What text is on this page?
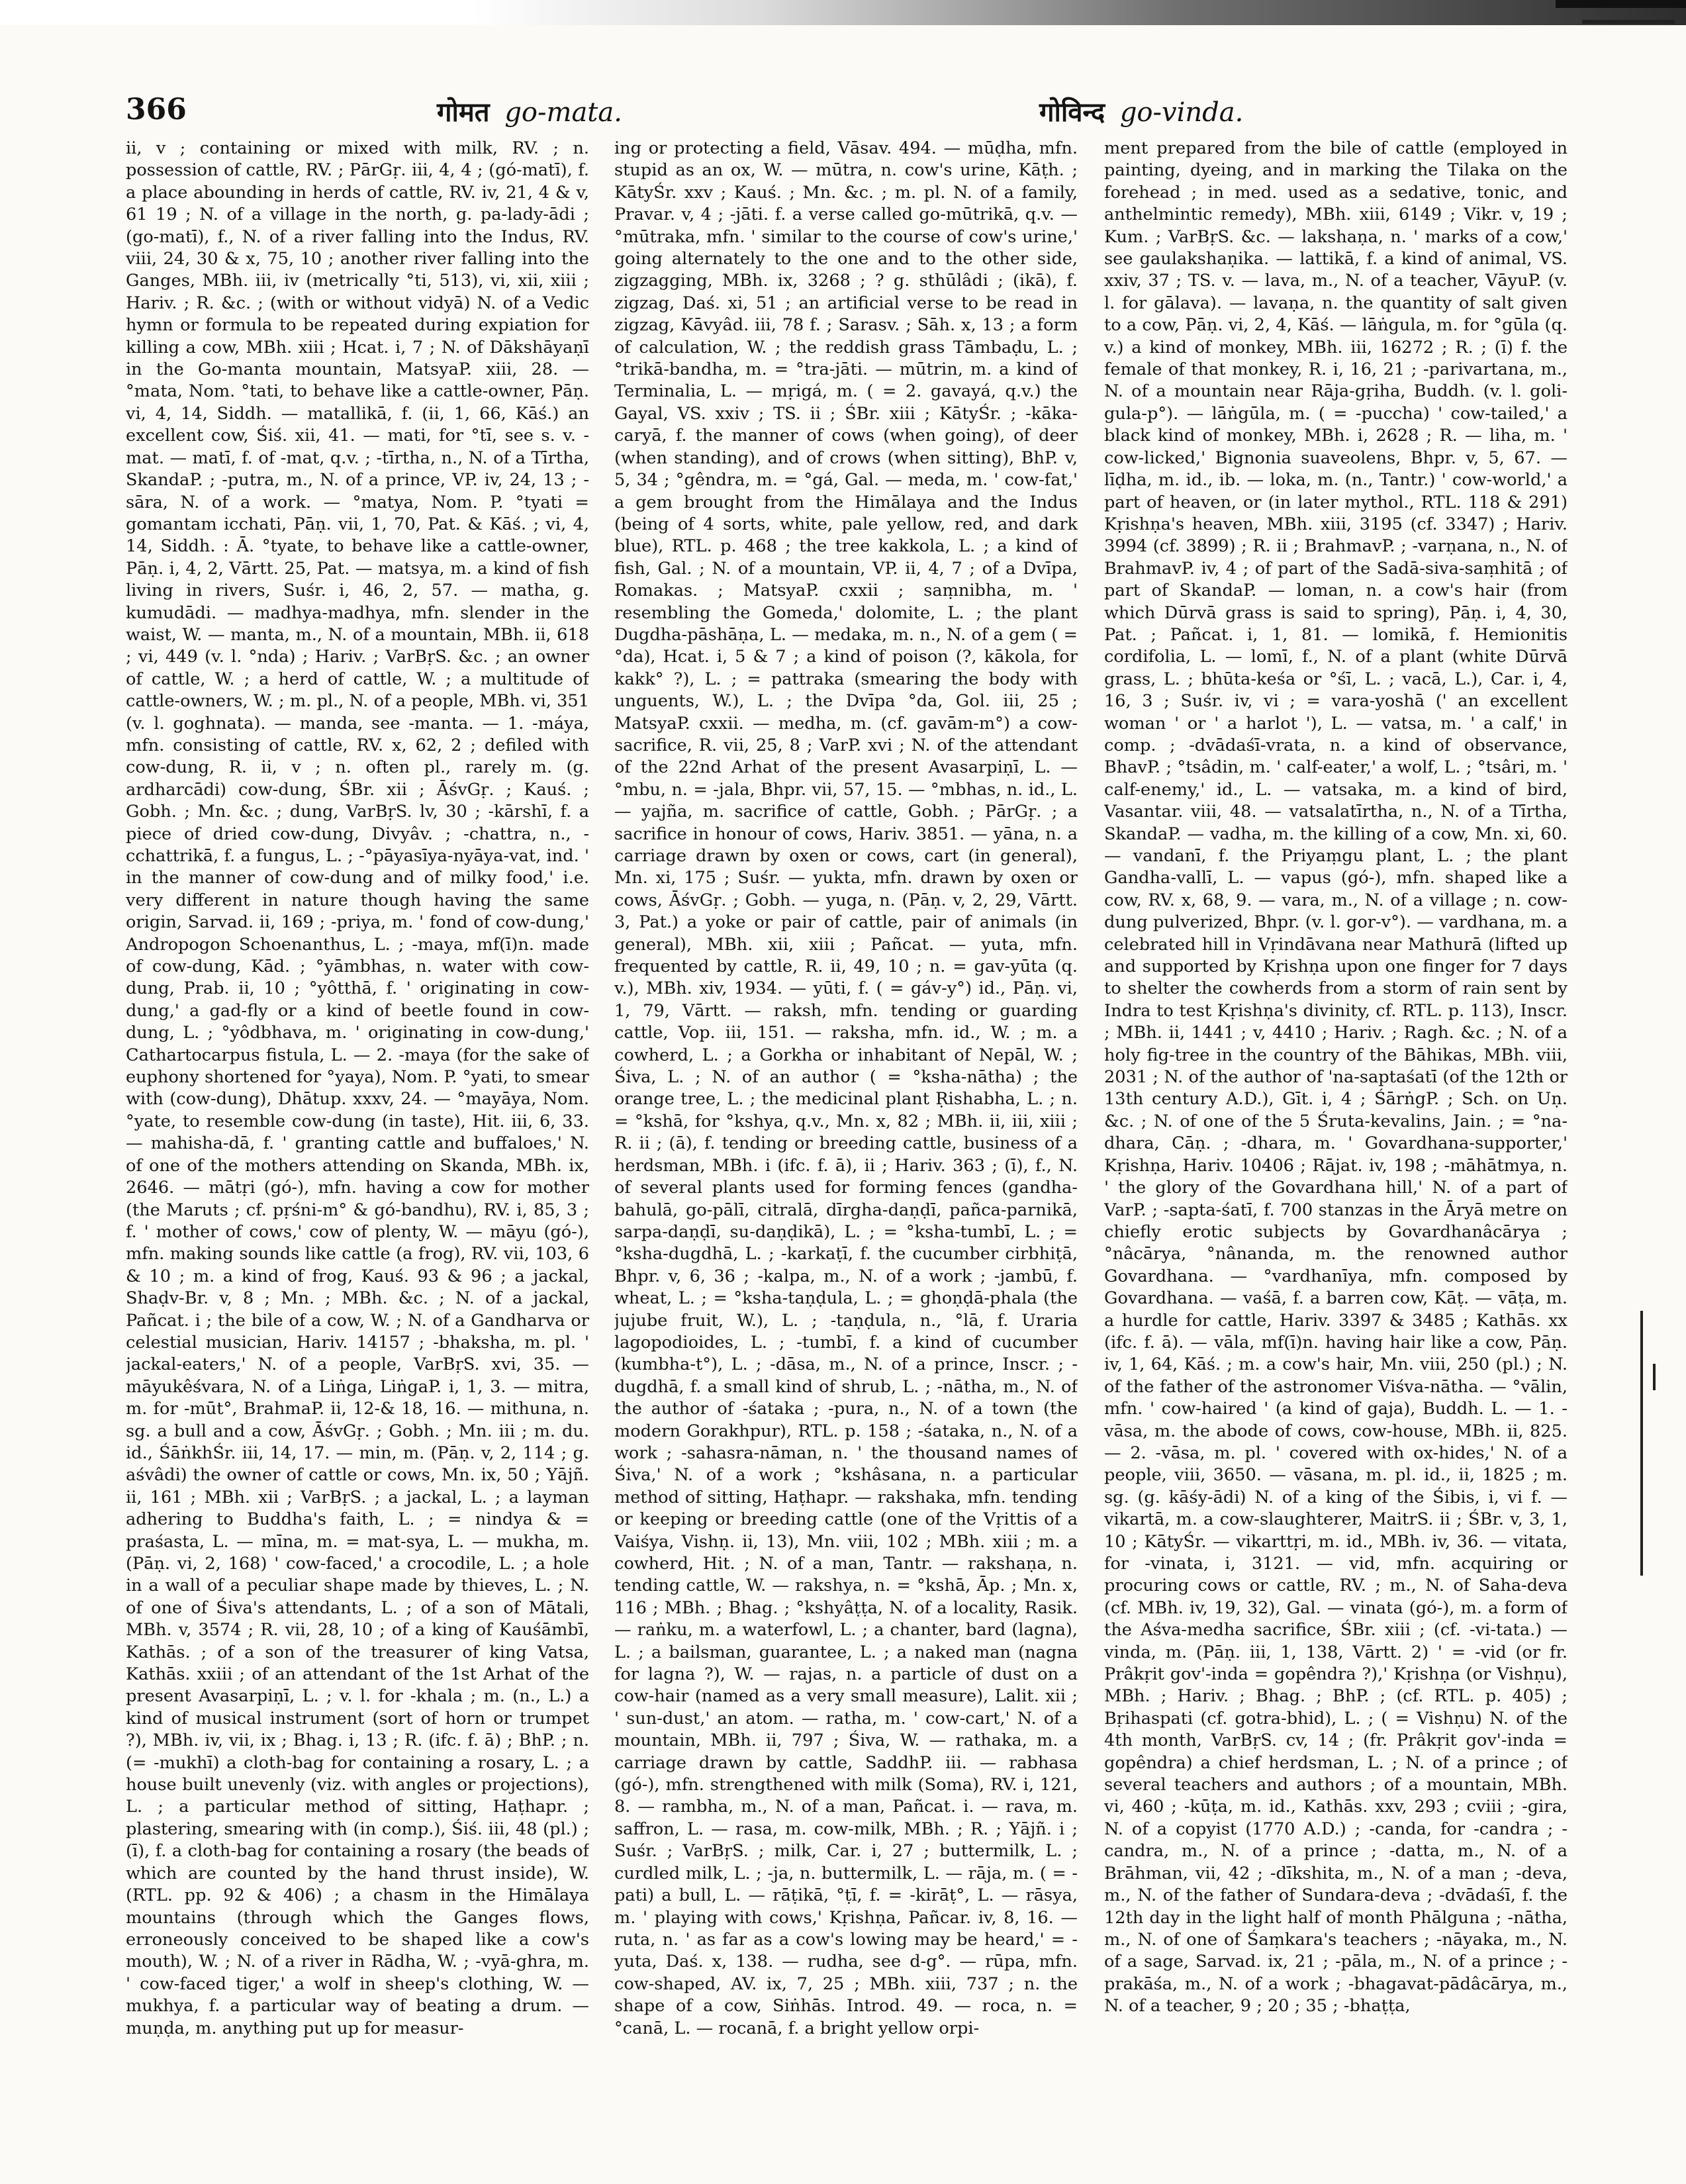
366	गोमत go-mata.	गोविन्द go-vinda.
ii, v ; containing or mixed with milk, RV. ; n. possession of cattle, RV. ; PārGṛ. iii, 4, 4 ; (gó-matī), f. a place abounding in herds of cattle, RV. iv, 21, 4 & v, 61 19 ; N. of a village in the north, g. pa-lady-ādi ; (go-matī), f., N. of a river falling into the Indus, RV. viii, 24, 30 & x, 75, 10 ; another river falling into the Ganges, MBh. iii, iv (metrically °ti, 513), vi, xii, xiii ; Hariv. ; R. &c. ; (with or without vidyā) N. of a Vedic hymn or formula to be repeated during expiation for killing a cow, MBh. xiii ; Hcat. i, 7 ; N. of Dākshāyaṇī in the Go-manta mountain, MatsyaP. xiii, 28. — °mata, Nom. °tati, to behave like a cattle-owner, Pāṇ. vi, 4, 14, Siddh. — matallikā, f. (ii, 1, 66, Kāś.) an excellent cow, Śiś. xii, 41. — mati, for °tī, see s. v. -mat. — matī, f. of -mat, q.v. ; -tīrtha, n., N. of a Tīrtha, SkandaP. ; -putra, m., N. of a prince, VP. iv, 24, 13 ; -sāra, N. of a work. — °matya, Nom. P. °tyati = gomantam icchati, Pāṇ. vii, 1, 70, Pat. & Kāś. ; vi, 4, 14, Siddh. : Ā. °tyate, to behave like a cattle-owner, Pāṇ. i, 4, 2, Vārtt. 25, Pat. — matsya, m. a kind of fish living in rivers, Suśr. i, 46, 2, 57. — matha, g. kumudādi. — madhya-madhya, mfn. slender in the waist, W. — manta, m., N. of a mountain, MBh. ii, 618 ; vi, 449 (v. l. °nda) ; Hariv. ; VarBṛS. &c. ; an owner of cattle, W. ; a herd of cattle, W. ; a multitude of cattle-owners, W. ; m. pl., N. of a people, MBh. vi, 351 (v. l. goghnata). — manda, see -manta. — 1. -máya, mfn. consisting of cattle, RV. x, 62, 2 ; defiled with cow-dung, R. ii, v ; n. often pl., rarely m. (g. ardharcādi) cow-dung, ŚBr. xii ; ĀśvGṛ. ; Kauś. ; Gobh. ; Mn. &c. ; dung, VarBṛS. lv, 30 ; -kārshī, f. a piece of dried cow-dung, Divyâv. ; -chattra, n., -cchattrikā, f. a fungus, L. ; -°pāyasīya-nyāya-vat, ind. ' in the manner of cow-dung and of milky food,' i.e. very different in nature though having the same origin, Sarvad. ii, 169 ; -priya, m. ' fond of cow-dung,' Andropogon Schoenanthus, L. ; -maya, mf(ī)n. made of cow-dung, Kād. ; °yāmbhas, n. water with cow-dung, Prab. ii, 10 ; °yôtthā, f. ' originating in cow-dung,' a gad-fly or a kind of beetle found in cow-dung, L. ; °yôdbhava, m. ' originating in cow-dung,' Cathartocarpus fistula, L. — 2. -maya (for the sake of euphony shortened for °yaya), Nom. P. °yati, to smear with (cow-dung), Dhātup. xxxv, 24. — °mayāya, Nom. °yate, to resemble cow-dung (in taste), Hit. iii, 6, 33. — mahisha-dā, f. ' granting cattle and buffaloes,' N. of one of the mothers attending on Skanda, MBh. ix, 2646. — mātṛi (gó-), mfn. having a cow for mother (the Maruts ; cf. pṛśni-m° & gó-bandhu), RV. i, 85, 3 ; f. ' mother of cows,' cow of plenty, W. — māyu (gó-), mfn. making sounds like cattle (a frog), RV. vii, 103, 6 & 10 ; m. a kind of frog, Kauś. 93 & 96 ; a jackal, Shaḍv-Br. v, 8 ; Mn. ; MBh. &c. ; N. of a jackal, Pañcat. i ; the bile of a cow, W. ; N. of a Gandharva or celestial musician, Hariv. 14157 ; -bhaksha, m. pl. ' jackal-eaters,' N. of a people, VarBṛS. xvi, 35. — māyukêśvara, N. of a Liṅga, LiṅgaP. i, 1, 3. — mitra, m. for -mūt°, BrahmaP. ii, 12-& 18, 16. — mithuna, n. sg. a bull and a cow, ĀśvGṛ. ; Gobh. ; Mn. iii ; m. du. id., ŚāṅkhŚr. iii, 14, 17. — min, m. (Pāṇ. v, 2, 114 ; g. aśvâdi) the owner of cattle or cows, Mn. ix, 50 ; Yājñ. ii, 161 ; MBh. xii ; VarBṛS. ; a jackal, L. ; a layman adhering to Buddha's faith, L. ; = nindya & = praśasta, L. — mīna, m. = mat-sya, L. — mukha, m. (Pāṇ. vi, 2, 168) ' cow-faced,' a crocodile, L. ; a hole in a wall of a peculiar shape made by thieves, L. ; N. of one of Śiva's attendants, L. ; of a son of Mātali, MBh. v, 3574 ; R. vii, 28, 10 ; of a king of Kauśāmbī, Kathās. ; of a son of the treasurer of king Vatsa, Kathās. xxiii ; of an attendant of the 1st Arhat of the present Avasarpiṇī, L. ; v. l. for -khala ; m. (n., L.) a kind of musical instrument (sort of horn or trumpet ?), MBh. iv, vii, ix ; Bhag. i, 13 ; R. (ifc. f. ā) ; BhP. ; n. (= -mukhī) a cloth-bag for containing a rosary, L. ; a house built unevenly (viz. with angles or projections), L. ; a particular method of sitting, Haṭhapr. ; plastering, smearing with (in comp.), Śiś. iii, 48 (pl.) ; (ī), f. a cloth-bag for containing a rosary (the beads of which are counted by the hand thrust inside), W. (RTL. pp. 92 & 406) ; a chasm in the Himālaya mountains (through which the Ganges flows, erroneously conceived to be shaped like a cow's mouth), W. ; N. of a river in Rādha, W. ; -vyā-ghra, m. ' cow-faced tiger,' a wolf in sheep's clothing, W. — mukhya, f. a particular way of beating a drum. — muṇḍa, m. anything put up for measur-
ing or protecting a field, Vāsav. 494. — mūḍha, mfn. stupid as an ox, W. — mūtra, n. cow's urine, Kāṭh. ; KātyŚr. xxv ; Kauś. ; Mn. &c. ; m. pl. N. of a family, Pravar. v, 4 ; -jāti. f. a verse called go-mūtrikā, q.v. — °mūtraka, mfn. ' similar to the course of cow's urine,' going alternately to the one and to the other side, zigzagging, MBh. ix, 3268 ; ? g. sthūlâdi ; (ikā), f. zigzag, Daś. xi, 51 ; an artificial verse to be read in zigzag, Kāvyâd. iii, 78 f. ; Sarasv. ; Sāh. x, 13 ; a form of calculation, W. ; the reddish grass Tāmbaḍu, L. ; °trikā-bandha, m. = °tra-jāti. — mūtrin, m. a kind of Terminalia, L. — mṛigá, m. ( = 2. gavayá, q.v.) the Gayal, VS. xxiv ; TS. ii ; ŚBr. xiii ; KātyŚr. ; -kāka-caryā, f. the manner of cows (when going), of deer (when standing), and of crows (when sitting), BhP. v, 5, 34 ; °gêndra, m. = °gá, Gal. — meda, m. ' cow-fat,' a gem brought from the Himālaya and the Indus (being of 4 sorts, white, pale yellow, red, and dark blue), RTL. p. 468 ; the tree kakkola, L. ; a kind of fish, Gal. ; N. of a mountain, VP. ii, 4, 7 ; of a Dvīpa, Romakas. ; MatsyaP. cxxii ; saṃnibha, m. ' resembling the Gomeda,' dolomite, L. ; the plant Dugdha-pāshāṇa, L. — medaka, m. n., N. of a gem ( = °da), Hcat. i, 5 & 7 ; a kind of poison (?, kākola, for kakk° ?), L. ; = pattraka (smearing the body with unguents, W.), L. ; the Dvīpa °da, Gol. iii, 25 ; MatsyaP. cxxii. — medha, m. (cf. gavām-m°) a cow-sacrifice, R. vii, 25, 8 ; VarP. xvi ; N. of the attendant of the 22nd Arhat of the present Avasarpiṇī, L. — °mbu, n. = -jala, Bhpr. vii, 57, 15. — °mbhas, n. id., L. — yajña, m. sacrifice of cattle, Gobh. ; PārGṛ. ; a sacrifice in honour of cows, Hariv. 3851. — yāna, n. a carriage drawn by oxen or cows, cart (in general), Mn. xi, 175 ; Suśr. — yukta, mfn. drawn by oxen or cows, ĀśvGṛ. ; Gobh. — yuga, n. (Pāṇ. v, 2, 29, Vārtt. 3, Pat.) a yoke or pair of cattle, pair of animals (in general), MBh. xii, xiii ; Pañcat. — yuta, mfn. frequented by cattle, R. ii, 49, 10 ; n. = gav-yūta (q. v.), MBh. xiv, 1934. — yūti, f. ( = gáv-y°) id., Pāṇ. vi, 1, 79, Vārtt. — raksh, mfn. tending or guarding cattle, Vop. iii, 151. — raksha, mfn. id., W. ; m. a cowherd, L. ; a Gorkha or inhabitant of Nepāl, W. ; Śiva, L. ; N. of an author ( = °ksha-nātha) ; the orange tree, L. ; the medicinal plant Ṛishabha, L. ; n. = °kshā, for °kshya, q.v., Mn. x, 82 ; MBh. ii, iii, xiii ; R. ii ; (ā), f. tending or breeding cattle, business of a herdsman, MBh. i (ifc. f. ā), ii ; Hariv. 363 ; (ī), f., N. of several plants used for forming fences (gandha-bahulā, go-pālī, citralā, dīrgha-daṇḍī, pañca-parnikā, sarpa-daṇḍī, su-daṇḍikā), L. ; = °ksha-tumbī, L. ; = °ksha-dugdhā, L. ; -karkaṭī, f. the cucumber cirbhiṭā, Bhpr. v, 6, 36 ; -kalpa, m., N. of a work ; -jambū, f. wheat, L. ; = °ksha-taṇḍula, L. ; = ghoṇḍā-phala (the jujube fruit, W.), L. ; -taṇḍula, n., °lā, f. Uraria lagopodioides, L. ; -tumbī, f. a kind of cucumber (kumbha-t°), L. ; -dāsa, m., N. of a prince, Inscr. ; -dugdhā, f. a small kind of shrub, L. ; -nātha, m., N. of the author of -śataka ; -pura, n., N. of a town (the modern Gorakhpur), RTL. p. 158 ; -śataka, n., N. of a work ; -sahasra-nāman, n. ' the thousand names of Śiva,' N. of a work ; °kshâsana, n. a particular method of sitting, Haṭhapr. — rakshaka, mfn. tending or keeping or breeding cattle (one of the Vṛittis of a Vaiśya, Vishṇ. ii, 13), Mn. viii, 102 ; MBh. xiii ; m. a cowherd, Hit. ; N. of a man, Tantr. — rakshaṇa, n. tending cattle, W. — rakshya, n. = °kshā, Āp. ; Mn. x, 116 ; MBh. ; Bhag. ; °kshyâṭṭa, N. of a locality, Rasik. — raṅku, m. a waterfowl, L. ; a chanter, bard (lagna), L. ; a bailsman, guarantee, L. ; a naked man (nagna for lagna ?), W. — rajas, n. a particle of dust on a cow-hair (named as a very small measure), Lalit. xii ; ' sun-dust,' an atom. — ratha, m. ' cow-cart,' N. of a mountain, MBh. ii, 797 ; Śiva, W. — rathaka, m. a carriage drawn by cattle, SaddhP. iii. — rabhasa (gó-), mfn. strengthened with milk (Soma), RV. i, 121, 8. — rambha, m., N. of a man, Pañcat. i. — rava, m. saffron, L. — rasa, m. cow-milk, MBh. ; R. ; Yājñ. i ; Suśr. ; VarBṛS. ; milk, Car. i, 27 ; buttermilk, L. ; curdled milk, L. ; -ja, n. buttermilk, L. — rāja, m. ( = -pati) a bull, L. — rāṭikā, °ṭī, f. = -kirāṭ°, L. — rāsya, m. ' playing with cows,' Kṛishṇa, Pañcar. iv, 8, 16. — ruta, n. ' as far as a cow's lowing may be heard,' = -yuta, Daś. x, 138. — rudha, see d-g°. — rūpa, mfn. cow-shaped, AV. ix, 7, 25 ; MBh. xiii, 737 ; n. the shape of a cow, Siṅhās. Introd. 49. — roca, n. = °canā, L. — rocanā, f. a bright yellow orpi-
ment prepared from the bile of cattle (employed in painting, dyeing, and in marking the Tilaka on the forehead ; in med. used as a sedative, tonic, and anthelmintic remedy), MBh. xiii, 6149 ; Vikr. v, 19 ; Kum. ; VarBṛS. &c. — lakshaṇa, n. ' marks of a cow,' see gaulakshaṇika. — lattikā, f. a kind of animal, VS. xxiv, 37 ; TS. v. — lava, m., N. of a teacher, VāyuP. (v. l. for gālava). — lavaṇa, n. the quantity of salt given to a cow, Pāṇ. vi, 2, 4, Kāś. — lāṅgula, m. for °gūla (q. v.) a kind of monkey, MBh. iii, 16272 ; R. ; (ī) f. the female of that monkey, R. i, 16, 21 ; -parivartana, m., N. of a mountain near Rāja-gṛiha, Buddh. (v. l. goli-gula-p°). — lāṅgūla, m. ( = -puccha) ' cow-tailed,' a black kind of monkey, MBh. i, 2628 ; R. — liha, m. ' cow-licked,' Bignonia suaveolens, Bhpr. v, 5, 67. — līḍha, m. id., ib. — loka, m. (n., Tantr.) ' cow-world,' a part of heaven, or (in later mythol., RTL. 118 & 291) Kṛishṇa's heaven, MBh. xiii, 3195 (cf. 3347) ; Hariv. 3994 (cf. 3899) ; R. ii ; BrahmavP. ; -varṇana, n., N. of BrahmavP. iv, 4 ; of part of the Sadā-siva-saṃhitā ; of part of SkandaP. — loman, n. a cow's hair (from which Dūrvā grass is said to spring), Pāṇ. i, 4, 30, Pat. ; Pañcat. i, 1, 81. — lomikā, f. Hemionitis cordifolia, L. — lomī, f., N. of a plant (white Dūrvā grass, L. ; bhūta-keśa or °śī, L. ; vacā, L.), Car. i, 4, 16, 3 ; Suśr. iv, vi ; = vara-yoshā (' an excellent woman ' or ' a harlot '), L. — vatsa, m. ' a calf,' in comp. ; -dvādaśī-vrata, n. a kind of observance, BhavP. ; °tsâdin, m. ' calf-eater,' a wolf, L. ; °tsâri, m. ' calf-enemy,' id., L. — vatsaka, m. a kind of bird, Vasantar. viii, 48. — vatsalatīrtha, n., N. of a Tīrtha, SkandaP. — vadha, m. the killing of a cow, Mn. xi, 60. — vandanī, f. the Priyaṃgu plant, L. ; the plant Gandha-vallī, L. — vapus (gó-), mfn. shaped like a cow, RV. x, 68, 9. — vara, m., N. of a village ; n. cow-dung pulverized, Bhpr. (v. l. gor-v°). — vardhana, m. a celebrated hill in Vṛindāvana near Mathurā (lifted up and supported by Kṛishṇa upon one finger for 7 days to shelter the cowherds from a storm of rain sent by Indra to test Kṛishṇa's divinity, cf. RTL. p. 113), Inscr. ; MBh. ii, 1441 ; v, 4410 ; Hariv. ; Ragh. &c. ; N. of a holy fig-tree in the country of the Bāhikas, MBh. viii, 2031 ; N. of the author of 'na-saptaśatī (of the 12th or 13th century A.D.), Gīt. i, 4 ; ŚārṅgP. ; Sch. on Uṇ. &c. ; N. of one of the 5 Śruta-kevalins, Jain. ; = °na-dhara, Cāṇ. ; -dhara, m. ' Govardhana-supporter,' Kṛishṇa, Hariv. 10406 ; Rājat. iv, 198 ; -māhātmya, n. ' the glory of the Govardhana hill,' N. of a part of VarP. ; -sapta-śatī, f. 700 stanzas in the Āryā metre on chiefly erotic subjects by Govardhanâcārya ; °nâcārya, °nânanda, m. the renowned author Govardhana. — °vardhanīya, mfn. composed by Govardhana. — vaśā, f. a barren cow, Kāṭ. — vāṭa, m. a hurdle for cattle, Hariv. 3397 & 3485 ; Kathās. xx (ifc. f. ā). — vāla, mf(ī)n. having hair like a cow, Pāṇ. iv, 1, 64, Kāś. ; m. a cow's hair, Mn. viii, 250 (pl.) ; N. of the father of the astronomer Viśva-nātha. — °vālin, mfn. ' cow-haired ' (a kind of gaja), Buddh. L. — 1. -vāsa, m. the abode of cows, cow-house, MBh. ii, 825. — 2. -vāsa, m. pl. ' covered with ox-hides,' N. of a people, viii, 3650. — vāsana, m. pl. id., ii, 1825 ; m. sg. (g. kāśy-ādi) N. of a king of the Śibis, i, vi f. — vikartā, m. a cow-slaughterer, MaitrS. ii ; ŚBr. v, 3, 1, 10 ; KātyŚr. — vikarttṛi, m. id., MBh. iv, 36. — vitata, for -vinata, i, 3121. — vid, mfn. acquiring or procuring cows or cattle, RV. ; m., N. of Saha-deva (cf. MBh. iv, 19, 32), Gal. — vinata (gó-), m. a form of the Aśva-medha sacrifice, ŚBr. xiii ; (cf. -vi-tata.) — vinda, m. (Pāṇ. iii, 1, 138, Vārtt. 2) ' = -vid (or fr. Prâkṛit gov'-inda = gopêndra ?),' Kṛishṇa (or Vishṇu), MBh. ; Hariv. ; Bhag. ; BhP. ; (cf. RTL. p. 405) ; Bṛihaspati (cf. gotra-bhid), L. ; ( = Vishṇu) N. of the 4th month, VarBṛS. cv, 14 ; (fr. Prâkṛit gov'-inda = gopêndra) a chief herdsman, L. ; N. of a prince ; of several teachers and authors ; of a mountain, MBh. vi, 460 ; -kūṭa, m. id., Kathās. xxv, 293 ; cviii ; -gira, N. of a copyist (1770 A.D.) ; -canda, for -candra ; -candra, m., N. of a prince ; -datta, m., N. of a Brāhman, vii, 42 ; -dīkshita, m., N. of a man ; -deva, m., N. of the father of Sundara-deva ; -dvādaśī, f. the 12th day in the light half of month Phālguna ; -nātha, m., N. of one of Śaṃkara's teachers ; -nāyaka, m., N. of a sage, Sarvad. ix, 21 ; -pāla, m., N. of a prince ; -prakāśa, m., N. of a work ; -bhagavat-pādâcārya, m., N. of a teacher, 9 ; 20 ; 35 ; -bhaṭṭa,
